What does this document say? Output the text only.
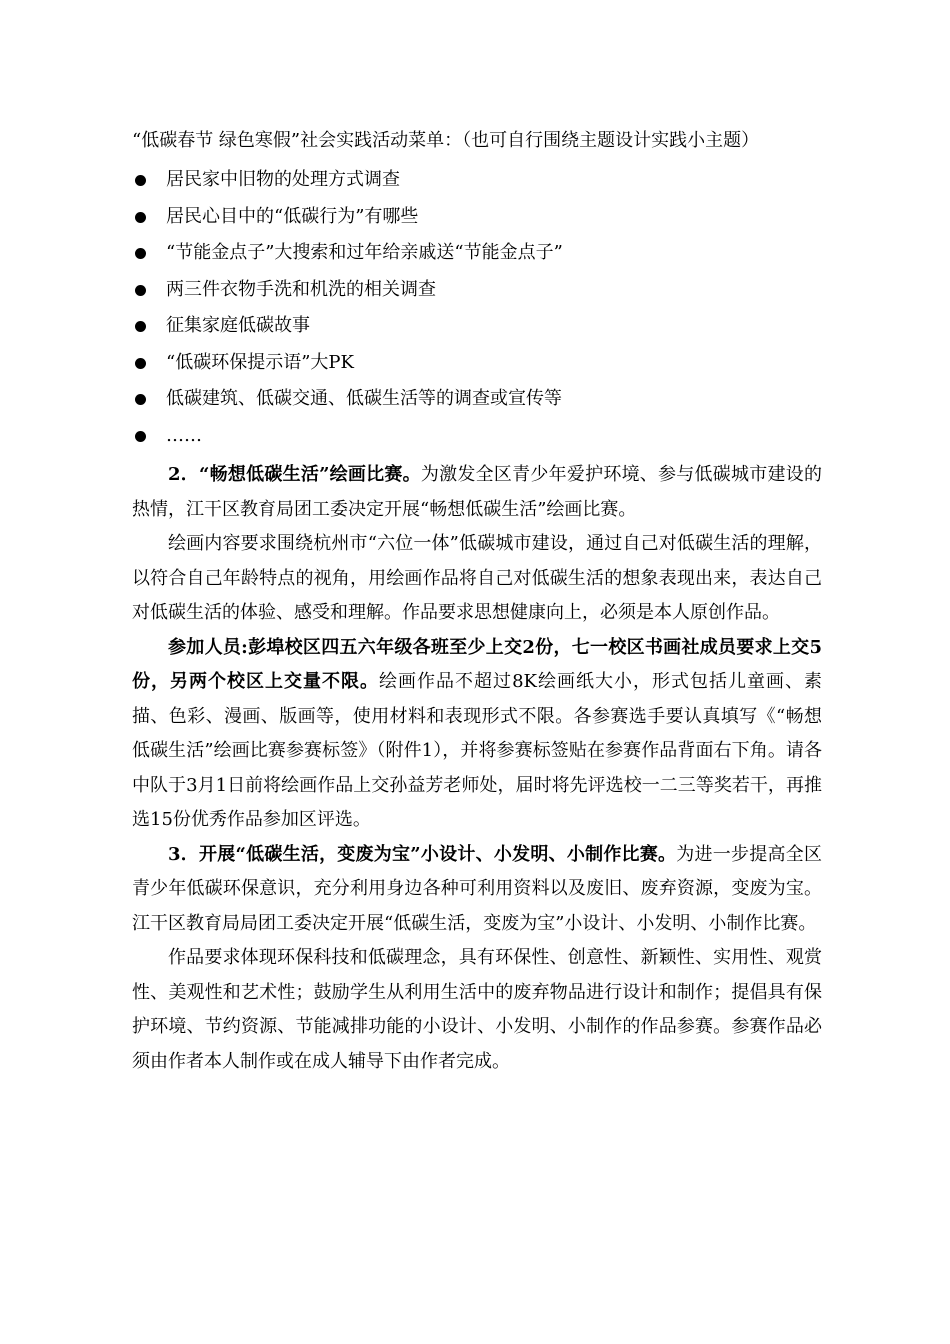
“低碳春节 绿色寒假”社会实践活动菜单：（也可自行围绕主题设计实践小主题）

居民家中旧物的处理方式调查
居民心目中的“低碳行为”有哪些
“节能金点子”大搜索和过年给亲戚送“节能金点子”
两三件衣物手洗和机洗的相关调查
征集家庭低碳故事
“低碳环保提示语”大PK
低碳建筑、低碳交通、低碳生活等的调查或宣传等
……

2．“畅想低碳生活”绘画比赛。为激发全区青少年爱护环境、参与低碳城市建设的热情，江干区教育局团工委决定开展“畅想低碳生活”绘画比赛。

绘画内容要求围绕杭州市“六位一体”低碳城市建设，通过自己对低碳生活的理解，以符合自己年龄特点的视角，用绘画作品将自己对低碳生活的想象表现出来，表达自己对低碳生活的体验、感受和理解。作品要求思想健康向上，必须是本人原创作品。

参加人员:彭埠校区四五六年级各班至少上交2份，七一校区书画社成员要求上交5份，另两个校区上交量不限。绘画作品不超过8K绘画纸大小，形式包括儿童画、素描、色彩、漫画、版画等，使用材料和表现形式不限。各参赛选手要认真填写《“畅想低碳生活”绘画比赛参赛标签》（附件1），并将参赛标签贴在参赛作品背面右下角。请各中队于3月1日前将绘画作品上交孙益芳老师处，届时将先评选校一二三等奖若干，再推选15份优秀作品参加区评选。

3．开展“低碳生活，变废为宝”小设计、小发明、小制作比赛。为进一步提高全区青少年低碳环保意识，充分利用身边各种可利用资料以及废旧、废弃资源，变废为宝。江干区教育局局团工委决定开展“低碳生活，变废为宝”小设计、小发明、小制作比赛。

作品要求体现环保科技和低碳理念，具有环保性、创意性、新颖性、实用性、观赏性、美观性和艺术性；鼓励学生从利用生活中的废弃物品进行设计和制作；提倡具有保护环境、节约资源、节能减排功能的小设计、小发明、小制作的作品参赛。参赛作品必须由作者本人制作或在成人辅导下由作者完成。
